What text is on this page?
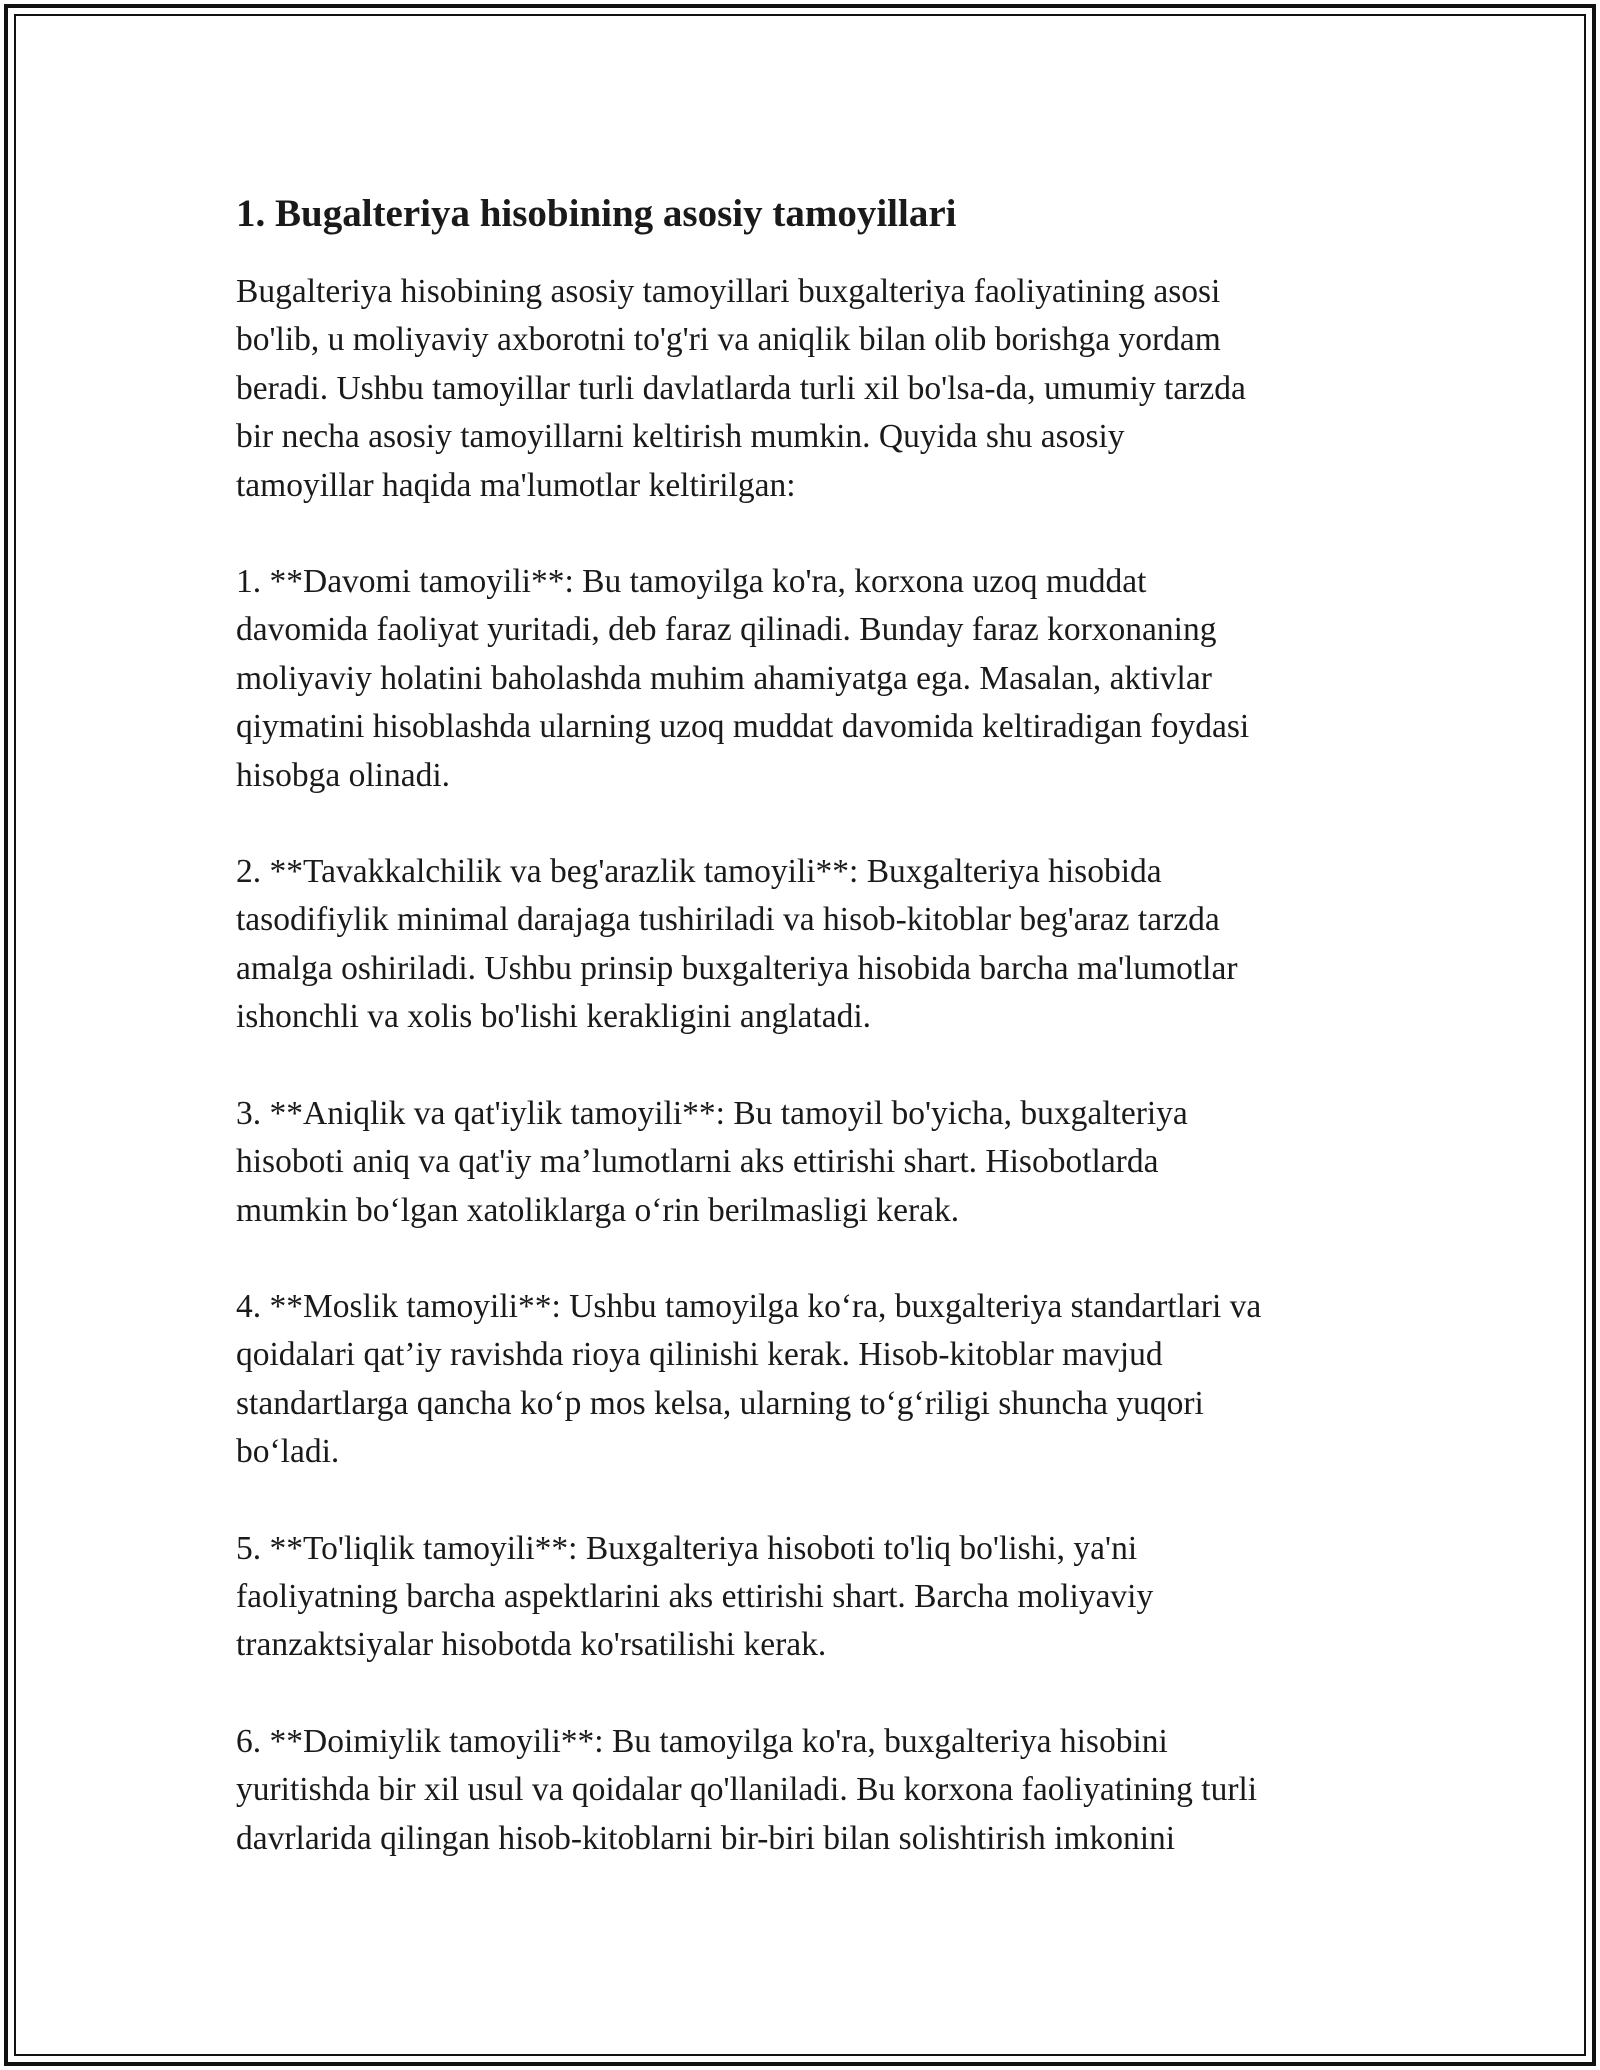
1. Bugalteriya hisobining asosiy tamoyillari

Bugalteriya hisobining asosiy tamoyillari buxgalteriya faoliyatining asosi
bo'lib, u moliyaviy axborotni to'g'ri va aniqlik bilan olib borishga yordam
beradi. Ushbu tamoyillar turli davlatlarda turli xil bo'lsa-da, umumiy tarzda
bir necha asosiy tamoyillarni keltirish mumkin. Quyida shu asosiy
tamoyillar haqida ma'lumotlar keltirilgan:

1. **Davomi tamoyili**: Bu tamoyilga ko'ra, korxona uzoq muddat
davomida faoliyat yuritadi, deb faraz qilinadi. Bunday faraz korxonaning
moliyaviy holatini baholashda muhim ahamiyatga ega. Masalan, aktivlar
qiymatini hisoblashda ularning uzoq muddat davomida keltiradigan foydasi
hisobga olinadi.

2. **Tavakkalchilik va beg'arazlik tamoyili**: Buxgalteriya hisobida
tasodifiylik minimal darajaga tushiriladi va hisob-kitoblar beg'araz tarzda
amalga oshiriladi. Ushbu prinsip buxgalteriya hisobida barcha ma'lumotlar
ishonchli va xolis bo'lishi kerakligini anglatadi.

3. **Aniqlik va qat'iylik tamoyili**: Bu tamoyil bo'yicha, buxgalteriya
hisoboti aniq va qat'iy ma’lumotlarni aks ettirishi shart. Hisobotlarda
mumkin bo‘lgan xatoliklarga o‘rin berilmasligi kerak.

4. **Moslik tamoyili**: Ushbu tamoyilga ko‘ra, buxgalteriya standartlari va
qoidalari qat’iy ravishda rioya qilinishi kerak. Hisob-kitoblar mavjud
standartlarga qancha ko‘p mos kelsa, ularning to‘g‘riligi shuncha yuqori
bo‘ladi.

5. **To'liqlik tamoyili**: Buxgalteriya hisoboti to'liq bo'lishi, ya'ni
faoliyatning barcha aspektlarini aks ettirishi shart. Barcha moliyaviy
tranzaktsiyalar hisobotda ko'rsatilishi kerak.

6. **Doimiylik tamoyili**: Bu tamoyilga ko'ra, buxgalteriya hisobini
yuritishda bir xil usul va qoidalar qo'llaniladi. Bu korxona faoliyatining turli
davrlarida qilingan hisob-kitoblarni bir-biri bilan solishtirish imkonini
